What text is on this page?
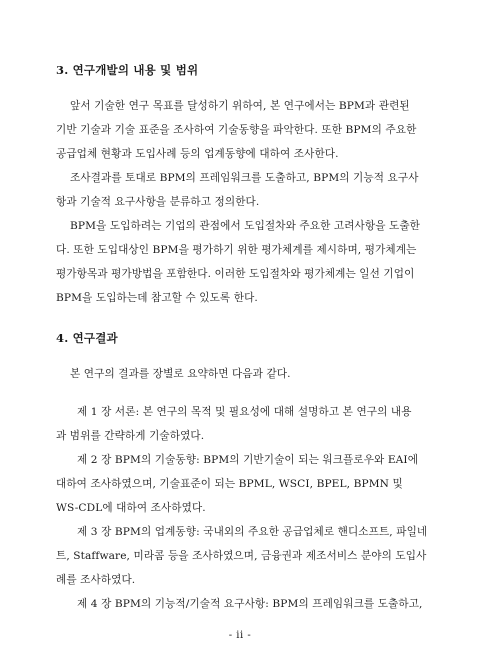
3. 연구개발의 내용 및 범위
앞서 기술한 연구 목표를 달성하기 위하여, 본 연구에서는 BPM과 관련된
기반 기술과 기술 표준을 조사하여 기술동향을 파악한다. 또한 BPM의 주요한
공급업체 현황과 도입사례 등의 업계동향에 대하여 조사한다.
조사결과를 토대로 BPM의 프레임워크를 도출하고, BPM의 기능적 요구사
항과 기술적 요구사항을 분류하고 정의한다.
BPM을 도입하려는 기업의 관점에서 도입절차와 주요한 고려사항을 도출한
다. 또한 도입대상인 BPM을 평가하기 위한 평가체계를 제시하며, 평가체계는
평가항목과 평가방법을 포함한다. 이러한 도입절차와 평가체계는 일선 기업이
BPM을 도입하는데 참고할 수 있도록 한다.
4. 연구결과
본 연구의 결과를 장별로 요약하면 다음과 같다.
제 1 장 서론: 본 연구의 목적 및 필요성에 대해 설명하고 본 연구의 내용
과 범위를 간략하게 기술하였다.
제 2 장 BPM의 기술동향: BPM의 기반기술이 되는 워크플로우와 EAI에
대하여 조사하였으며, 기술표준이 되는 BPML, WSCI, BPEL, BPMN 및
WS-CDL에 대하여 조사하였다.
제 3 장 BPM의 업계동향: 국내외의 주요한 공급업체로 핸디소프트, 파일네
트, Staffware, 미라콤 등을 조사하였으며, 금융권과 제조서비스 분야의 도입사
례를 조사하였다.
제 4 장 BPM의 기능적/기술적 요구사항: BPM의 프레임워크를 도출하고,
- ii -
